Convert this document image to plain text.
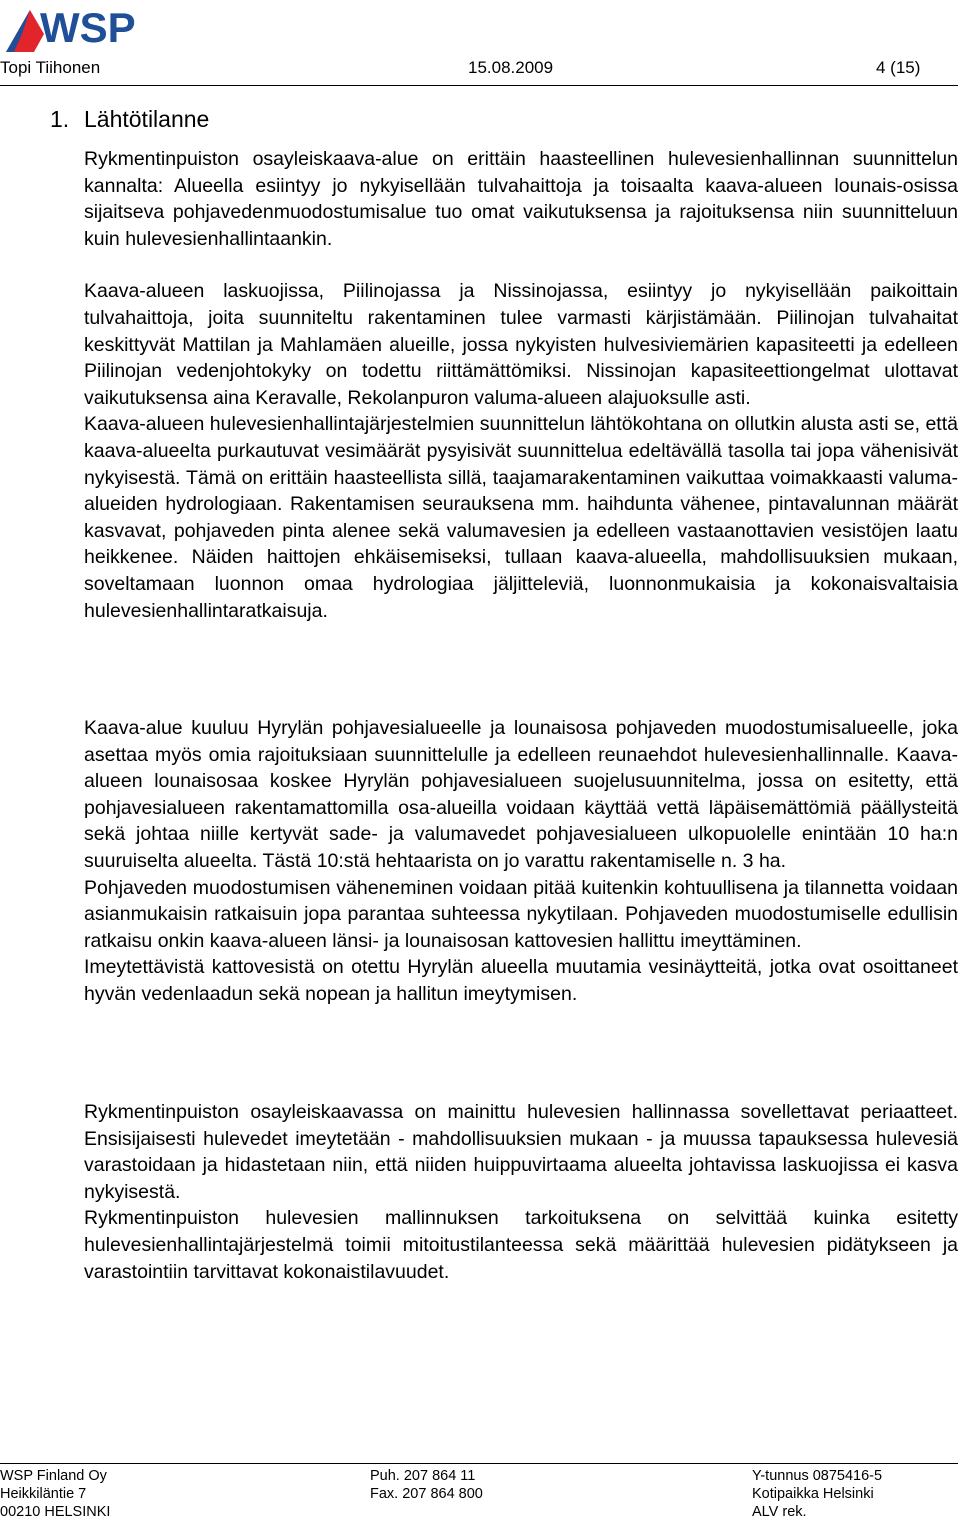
WSP
Topi Tiihonen	15.08.2009	4 (15)
1. Lähtötilanne

Rykmentinpuiston osayleiskaava-alue on erittäin haasteellinen hulevesienhallinnan suunnittelun kannalta: Alueella esiintyy jo nykyisellään tulvahaittoja ja toisaalta kaava-alueen lounais-osissa sijaitseva pohjavedenmuodostumisalue tuo omat vaikutuksensa ja rajoituksensa niin suunnitteluun kuin hulevesienhallintaankin.

Kaava-alueen laskuojissa, Piilinojassa ja Nissinojassa, esiintyy jo nykyisellään paikoittain tulvahaittoja, joita suunniteltu rakentaminen tulee varmasti kärjistämään. Piilinojan tulvahaitat keskittyvät Mattilan ja Mahlamäen alueille, jossa nykyisten hulvesiviemärien kapasiteetti ja edelleen Piilinojan vedenjohtokyky on todettu riittämättömiksi. Nissinojan kapasiteettiongelmat ulottavat vaikutuksensa aina Keravalle, Rekolanpuron valuma-alueen alajuoksulle asti.

Kaava-alueen hulevesienhallintajärjestelmien suunnittelun lähtökohtana on ollutkin alusta asti se, että kaava-alueelta purkautuvat vesimäärät pysyisivät suunnittelua edeltävällä tasolla tai jopa vähenisivät nykyisestä. Tämä on erittäin haasteellista sillä, taajamarakentaminen vaikuttaa voimakkaasti valuma-alueiden hydrologiaan. Rakentamisen seurauksena mm. haihdunta vähenee, pintavalunnan määrät kasvavat, pohjaveden pinta alenee sekä valumavesien ja edelleen vastaanottavien vesistöjen laatu heikkenee. Näiden haittojen ehkäisemiseksi, tullaan kaava-alueella, mahdollisuuksien mukaan, soveltamaan luonnon omaa hydrologiaa jäljitteleviä, luonnonmukaisia ja kokonaisvaltaisia hulevesienhallintaratkaisuja.

Kaava-alue kuuluu Hyrylän pohjavesialueelle ja lounaisosa pohjaveden muodostumisalueelle, joka asettaa myös omia rajoituksiaan suunnittelulle ja edelleen reunaehdot hulevesienhallinnalle. Kaava-alueen lounaisosaa koskee Hyrylän pohjavesialueen suojelusuunnitelma, jossa on esitetty, että pohjavesialueen rakentamattomilla osa-alueilla voidaan käyttää vettä läpäisemättömiä päällysteitä sekä johtaa niille kertyvät sade- ja valumavedet pohjavesialueen ulkopuolelle enintään 10 ha:n suuruiselta alueelta. Tästä 10:stä hehtaarista on jo varattu rakentamiselle n. 3 ha.

Pohjaveden muodostumisen väheneminen voidaan pitää kuitenkin kohtuullisena ja tilannetta voidaan asianmukaisin ratkaisuin jopa parantaa suhteessa nykytilaan. Pohjaveden muodostumiselle edullisin ratkaisu onkin kaava-alueen länsi- ja lounaisosan kattovesien hallittu imeyttäminen.

Imeytettävistä kattovesistä on otettu Hyrylän alueella muutamia vesinäytteitä, jotka ovat osoittaneet hyvän vedenlaadun sekä nopean ja hallitun imeytymisen.

Rykmentinpuiston osayleiskaavassa on mainittu hulevesien hallinnassa sovellettavat periaatteet. Ensisijaisesti hulevedet imeytetään - mahdollisuuksien mukaan - ja muussa tapauksessa hulevesiä varastoidaan ja hidastetaan niin, että niiden huippuvirtaama alueelta johtavissa laskuojissa ei kasva nykyisestä.

Rykmentinpuiston hulevesien mallinnuksen tarkoituksena on selvittää kuinka esitetty hulevesienhallintajärjestelmä toimii mitoitustilanteessa sekä määrittää hulevesien pidätykseen ja varastointiin tarvittavat kokonaistilavuudet.

WSP Finland Oy
Heikkiläntie 7
00210 HELSINKI
Puh. 207 864 11
Fax. 207 864 800
Y-tunnus 0875416-5
Kotipaikka Helsinki
ALV rek.
